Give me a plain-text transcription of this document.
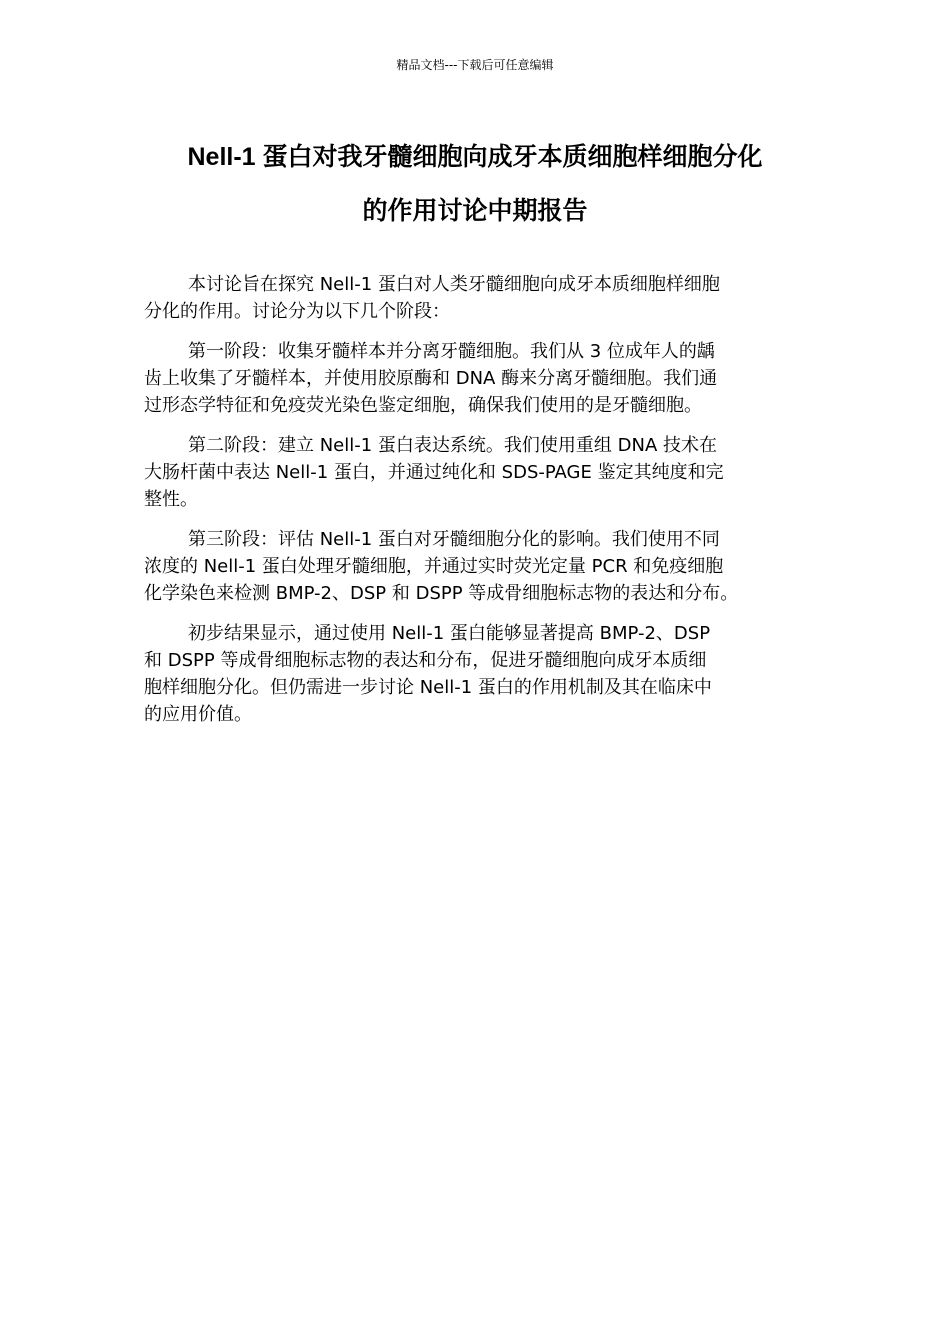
精品文档---下载后可任意编辑
Nell-1 蛋白对我牙髓细胞向成牙本质细胞样细胞分化
的作用讨论中期报告
本讨论旨在探究 Nell-1 蛋白对人类牙髓细胞向成牙本质细胞样细胞
分化的作用。讨论分为以下几个阶段：
第一阶段：收集牙髓样本并分离牙髓细胞。我们从 3 位成年人的龋
齿上收集了牙髓样本，并使用胶原酶和 DNA 酶来分离牙髓细胞。我们通
过形态学特征和免疫荧光染色鉴定细胞，确保我们使用的是牙髓细胞。
第二阶段：建立 Nell-1 蛋白表达系统。我们使用重组 DNA 技术在
大肠杆菌中表达 Nell-1 蛋白，并通过纯化和 SDS-PAGE 鉴定其纯度和完
整性。
第三阶段：评估 Nell-1 蛋白对牙髓细胞分化的影响。我们使用不同
浓度的 Nell-1 蛋白处理牙髓细胞，并通过实时荧光定量 PCR 和免疫细胞
化学染色来检测 BMP-2、DSP 和 DSPP 等成骨细胞标志物的表达和分布。
初步结果显示，通过使用 Nell-1 蛋白能够显著提高 BMP-2、DSP
和 DSPP 等成骨细胞标志物的表达和分布，促进牙髓细胞向成牙本质细
胞样细胞分化。但仍需进一步讨论 Nell-1 蛋白的作用机制及其在临床中
的应用价值。
